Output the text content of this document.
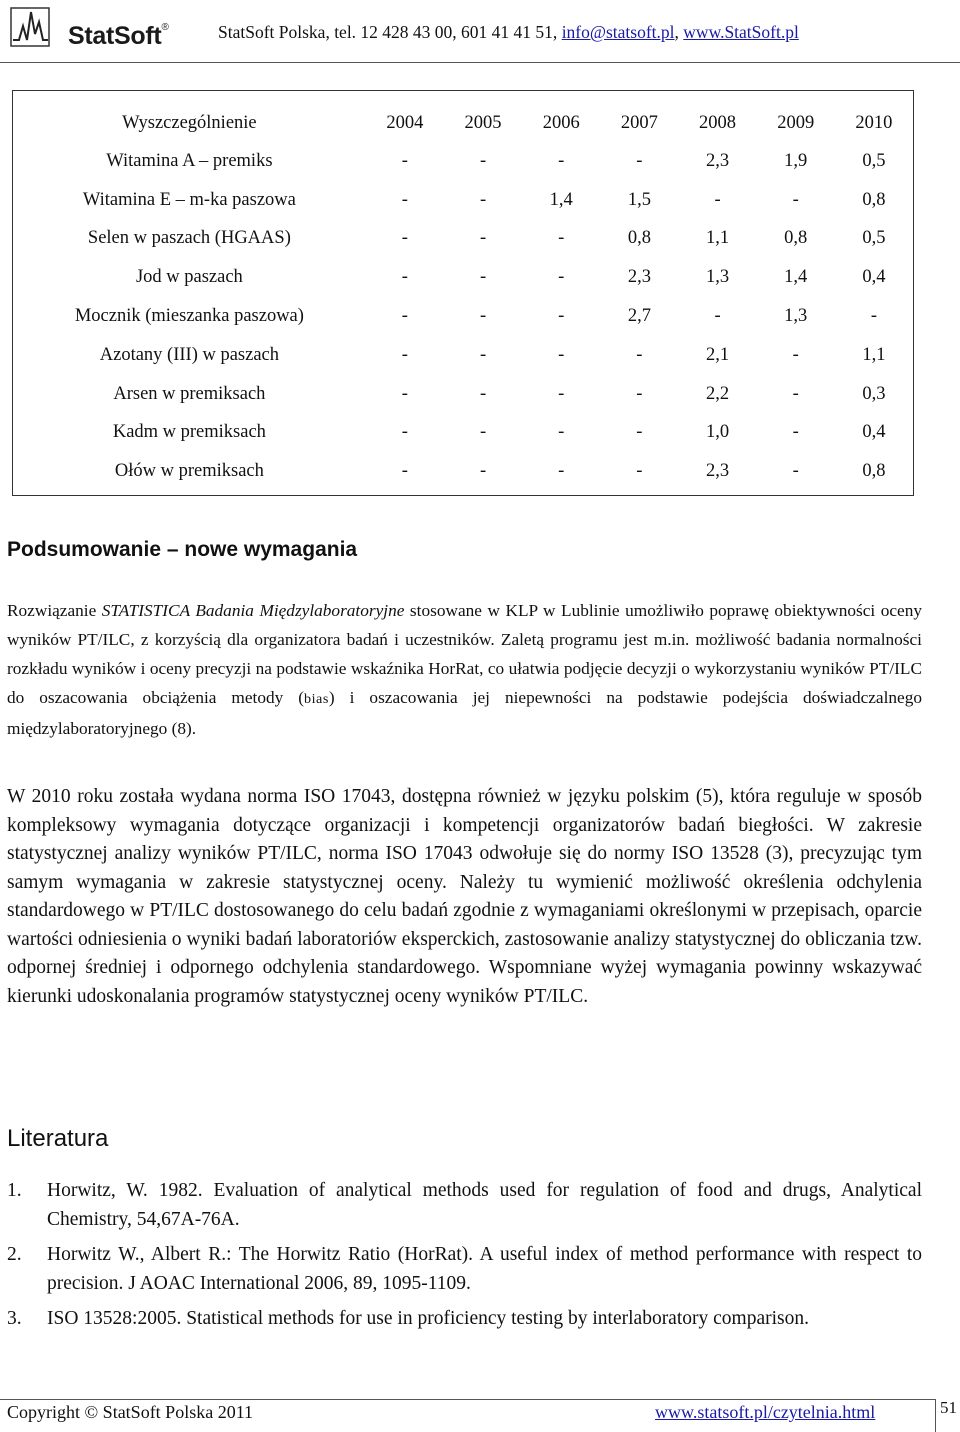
StatSoft®	StatSoft Polska, tel. 12 428 43 00, 601 41 41 51, info@statsoft.pl, www.StatSoft.pl
Wyszczególnienie	2004	2005	2006	2007	2008	2009	2010
Witamina A – premiks	-	-	-	-	2,3	1,9	0,5
Witamina E – m-ka paszowa	-	-	1,4	1,5	-	-	0,8
Selen w paszach (HGAAS)	-	-	-	0,8	1,1	0,8	0,5
Jod w paszach	-	-	-	2,3	1,3	1,4	0,4
Mocznik (mieszanka paszowa)	-	-	-	2,7	-	1,3	-
Azotany (III) w paszach	-	-	-	-	2,1	-	1,1
Arsen w premiksach	-	-	-	-	2,2	-	0,3
Kadm w premiksach	-	-	-	-	1,0	-	0,4
Ołów w premiksach	-	-	-	-	2,3	-	0,8
Podsumowanie – nowe wymagania

Rozwiązanie STATISTICA Badania Międzylaboratoryjne stosowane w KLP w Lublinie umożliwiło poprawę obiektywności oceny wyników PT/ILC, z korzyścią dla organizatora badań i uczestników. Zaletą programu jest m.in. możliwość badania normalności rozkładu wyników i oceny precyzji na podstawie wskaźnika HorRat, co ułatwia podjęcie decyzji o wykorzystaniu wyników PT/ILC do oszacowania obciążenia metody (bias) i oszacowania jej niepewności na podstawie podejścia doświadczalnego międzylaboratoryjnego (8).

W 2010 roku została wydana norma ISO 17043, dostępna również w języku polskim (5), która reguluje w sposób kompleksowy wymagania dotyczące organizacji i kompetencji organizatorów badań biegłości. W zakresie statystycznej analizy wyników PT/ILC, norma ISO 17043 odwołuje się do normy ISO 13528 (3), precyzując tym samym wymagania w zakresie statystycznej oceny. Należy tu wymienić możliwość określenia odchylenia standardowego w PT/ILC dostosowanego do celu badań zgodnie z wymaganiami określonymi w przepisach, oparcie wartości odniesienia o wyniki badań laboratoriów eksperckich, zastosowanie analizy statystycznej do obliczania tzw. odpornej średniej i odpornego odchylenia standardowego. Wspomniane wyżej wymagania powinny wskazywać kierunki udoskonalania programów statystycznej oceny wyników PT/ILC.

Literatura
1. Horwitz, W. 1982. Evaluation of analytical methods used for regulation of food and drugs, Analytical Chemistry, 54,67A-76A.
2. Horwitz W., Albert R.: The Horwitz Ratio (HorRat). A useful index of method performance with respect to precision. J AOAC International 2006, 89, 1095-1109.
3. ISO 13528:2005. Statistical methods for use in proficiency testing by interlaboratory comparison.
Copyright © StatSoft Polska 2011	www.statsoft.pl/czytelnia.html	51
